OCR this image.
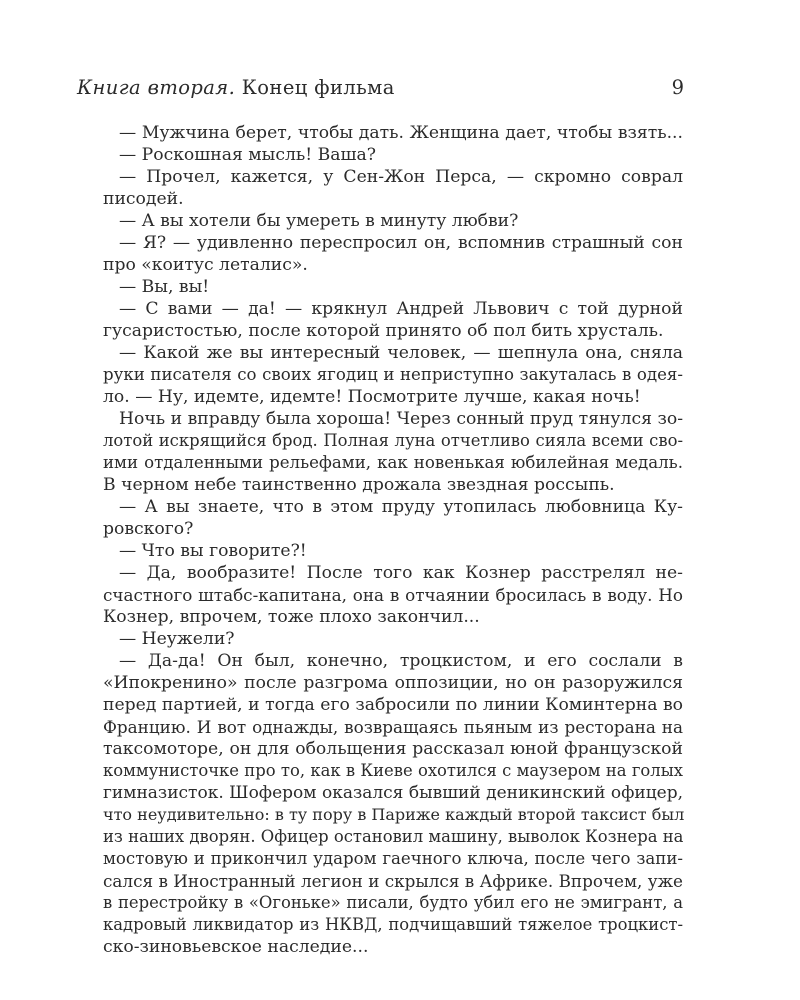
Книга вторая. Конец фильма	9
— Мужчина берет, чтобы дать. Женщина дает, чтобы взять...
— Роскошная мысль! Ваша?
— Прочел, кажется, у Сен-Жон Перса, — скромно соврал
писодей.
— А вы хотели бы умереть в минуту любви?
— Я? — удивленно переспросил он, вспомнив страшный сон
про «коитус леталис».
— Вы, вы!
— С вами — да! — крякнул Андрей Львович с той дурной
гусаристостью, после которой принято об пол бить хрусталь.
— Какой же вы интересный человек, — шепнула она, сняла
руки писателя со своих ягодиц и неприступно закуталась в одея-
ло. — Ну, идемте, идемте! Посмотрите лучше, какая ночь!
Ночь и вправду была хороша! Через сонный пруд тянулся зо-
лотой искрящийся брод. Полная луна отчетливо сияла всеми сво-
ими отдаленными рельефами, как новенькая юбилейная медаль.
В черном небе таинственно дрожала звездная россыпь.
— А вы знаете, что в этом пруду утопилась любовница Ку-
ровского?
— Что вы говорите?!
— Да, вообразите! После того как Кознер расстрелял не-
счастного штабс-капитана, она в отчаянии бросилась в воду. Но
Кознер, впрочем, тоже плохо закончил...
— Неужели?
— Да-да! Он был, конечно, троцкистом, и его сослали в
«Ипокренино» после разгрома оппозиции, но он разоружился
перед партией, и тогда его забросили по линии Коминтерна во
Францию. И вот однажды, возвращаясь пьяным из ресторана на
таксомоторе, он для обольщения рассказал юной французской
коммунисточке про то, как в Киеве охотился с маузером на голых
гимназисток. Шофером оказался бывший деникинский офицер,
что неудивительно: в ту пору в Париже каждый второй таксист был
из наших дворян. Офицер остановил машину, выволок Кознера на
мостовую и прикончил ударом гаечного ключа, после чего запи-
сался в Иностранный легион и скрылся в Африке. Впрочем, уже
в перестройку в «Огоньке» писали, будто убил его не эмигрант, а
кадровый ликвидатор из НКВД, подчищавший тяжелое троцкист-
ско-зиновьевское наследие...
